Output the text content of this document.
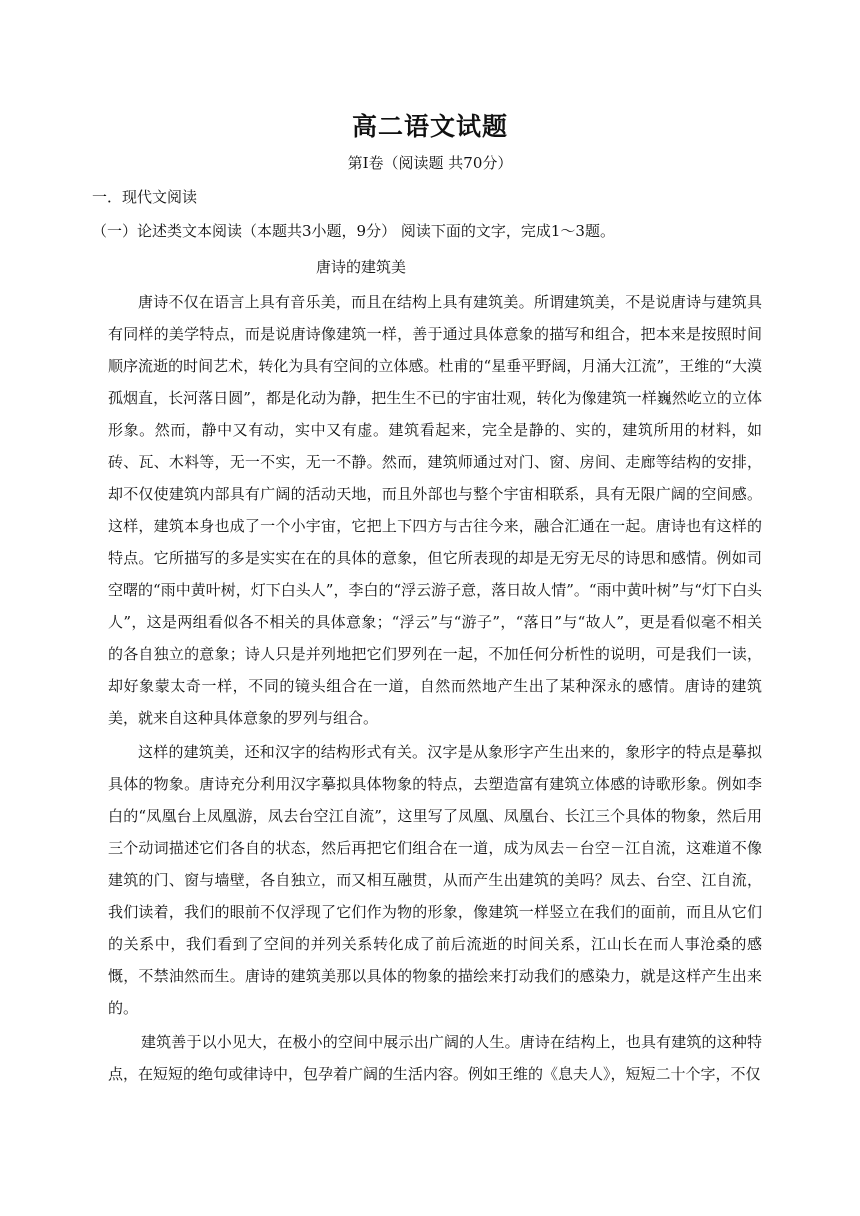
高二语文试题
第Ⅰ卷（阅读题 共70分）
一．现代文阅读
（一）论述类文本阅读（本题共3小题，9分） 阅读下面的文字，完成1～3题。
唐诗的建筑美

唐诗不仅在语言上具有音乐美，而且在结构上具有建筑美。所谓建筑美，不是说唐诗与建筑具有同样的美学特点，而是说唐诗像建筑一样，善于通过具体意象的描写和组合，把本来是按照时间顺序流逝的时间艺术，转化为具有空间的立体感。杜甫的“星垂平野阔，月涌大江流”，王维的“大漠孤烟直，长河落日圆”，都是化动为静，把生生不已的宇宙壮观，转化为像建筑一样巍然屹立的立体形象。然而，静中又有动，实中又有虚。建筑看起来，完全是静的、实的，建筑所用的材料，如砖、瓦、木料等，无一不实，无一不静。然而，建筑师通过对门、窗、房间、走廊等结构的安排，却不仅使建筑内部具有广阔的活动天地，而且外部也与整个宇宙相联系，具有无限广阔的空间感。这样，建筑本身也成了一个小宇宙，它把上下四方与古往今来，融合汇通在一起。唐诗也有这样的特点。它所描写的多是实实在在的具体的意象，但它所表现的却是无穷无尽的诗思和感情。例如司空曙的“雨中黄叶树，灯下白头人”，李白的“浮云游子意，落日故人情”。“雨中黄叶树”与“灯下白头人”，这是两组看似各不相关的具体意象；“浮云”与“游子”，“落日”与“故人”，更是看似毫不相关的各自独立的意象；诗人只是并列地把它们罗列在一起，不加任何分析性的说明，可是我们一读，却好象蒙太奇一样，不同的镜头组合在一道，自然而然地产生出了某种深永的感情。唐诗的建筑美，就来自这种具体意象的罗列与组合。

这样的建筑美，还和汉字的结构形式有关。汉字是从象形字产生出来的，象形字的特点是摹拟具体的物象。唐诗充分利用汉字摹拟具体物象的特点，去塑造富有建筑立体感的诗歌形象。例如李白的“凤凰台上凤凰游，凤去台空江自流”，这里写了凤凰、凤凰台、长江三个具体的物象，然后用三个动词描述它们各自的状态，然后再把它们组合在一道，成为凤去－台空－江自流，这难道不像建筑的门、窗与墙壁，各自独立，而又相互融贯，从而产生出建筑的美吗？凤去、台空、江自流，我们读着，我们的眼前不仅浮现了它们作为物的形象，像建筑一样竖立在我们的面前，而且从它们的关系中，我们看到了空间的并列关系转化成了前后流逝的时间关系，江山长在而人事沧桑的感慨，不禁油然而生。唐诗的建筑美那以具体的物象的描绘来打动我们的感染力，就是这样产生出来的。

建筑善于以小见大，在极小的空间中展示出广阔的人生。唐诗在结构上，也具有建筑的这种特点，在短短的绝句或律诗中，包孕着广阔的生活内容。例如王维的《息夫人》，短短二十个字，不仅
